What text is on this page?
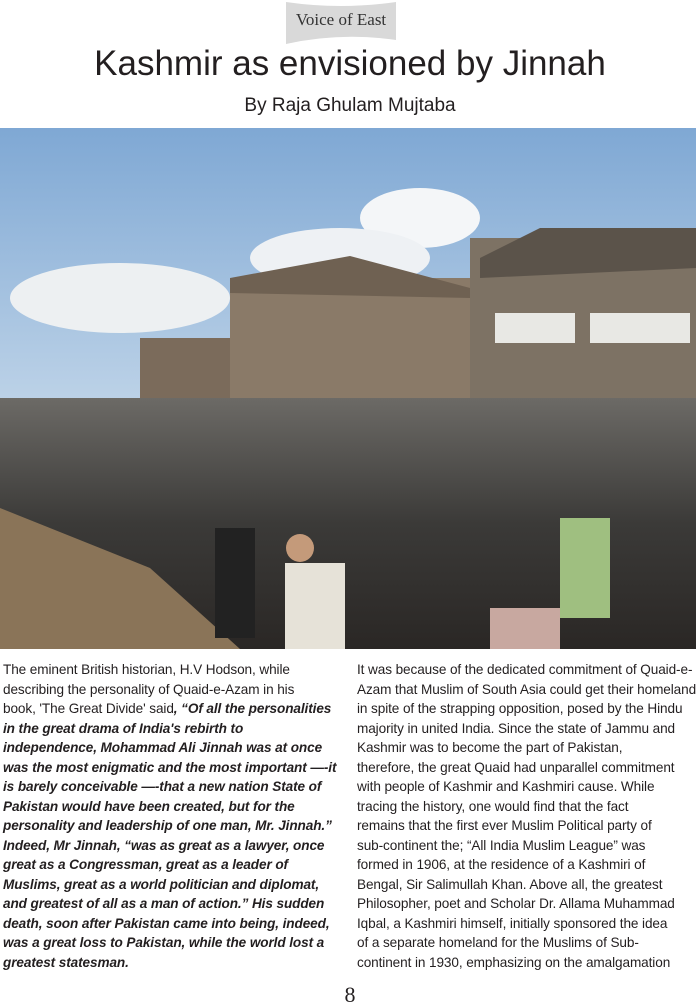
Voice of East
Kashmir as envisioned by Jinnah
By Raja Ghulam Mujtaba
The eminent British historian, H.V Hodson, while
describing the personality of Quaid-e-Azam in his
book, 'The Great Divide' said, “Of all the personalities
in the great drama of India's rebirth to
independence, Mohammad Ali Jinnah was at once
was the most enigmatic and the most important —-it
is barely conceivable —-that a new nation State of
Pakistan would have been created, but for the
personality and leadership of one man, Mr. Jinnah.”
Indeed, Mr Jinnah, “was as great as a lawyer, once
great as a Congressman, great as a leader of
Muslims, great as a world politician and diplomat,
and greatest of all as a man of action.” His sudden
death, soon after Pakistan came into being, indeed,
was a great loss to Pakistan, while the world lost a
greatest statesman.
It was because of the dedicated commitment of Quaid-e-
Azam that Muslim of South Asia could get their homeland
in spite of the strapping opposition, posed by the Hindu
majority in united India. Since the state of Jammu and
Kashmir was to become the part of Pakistan,
therefore, the great Quaid had unparallel commitment
with people of Kashmir and Kashmiri cause. While
tracing the history, one would find that the fact
remains that the first ever Muslim Political party of
sub-continent the; “All India Muslim League” was
formed in 1906, at the residence of a Kashmiri of
Bengal, Sir Salimullah Khan. Above all, the greatest
Philosopher, poet and Scholar Dr. Allama Muhammad
Iqbal, a Kashmiri himself, initially sponsored the idea
of a separate homeland for the Muslims of Sub-
continent in 1930, emphasizing on the amalgamation
8
